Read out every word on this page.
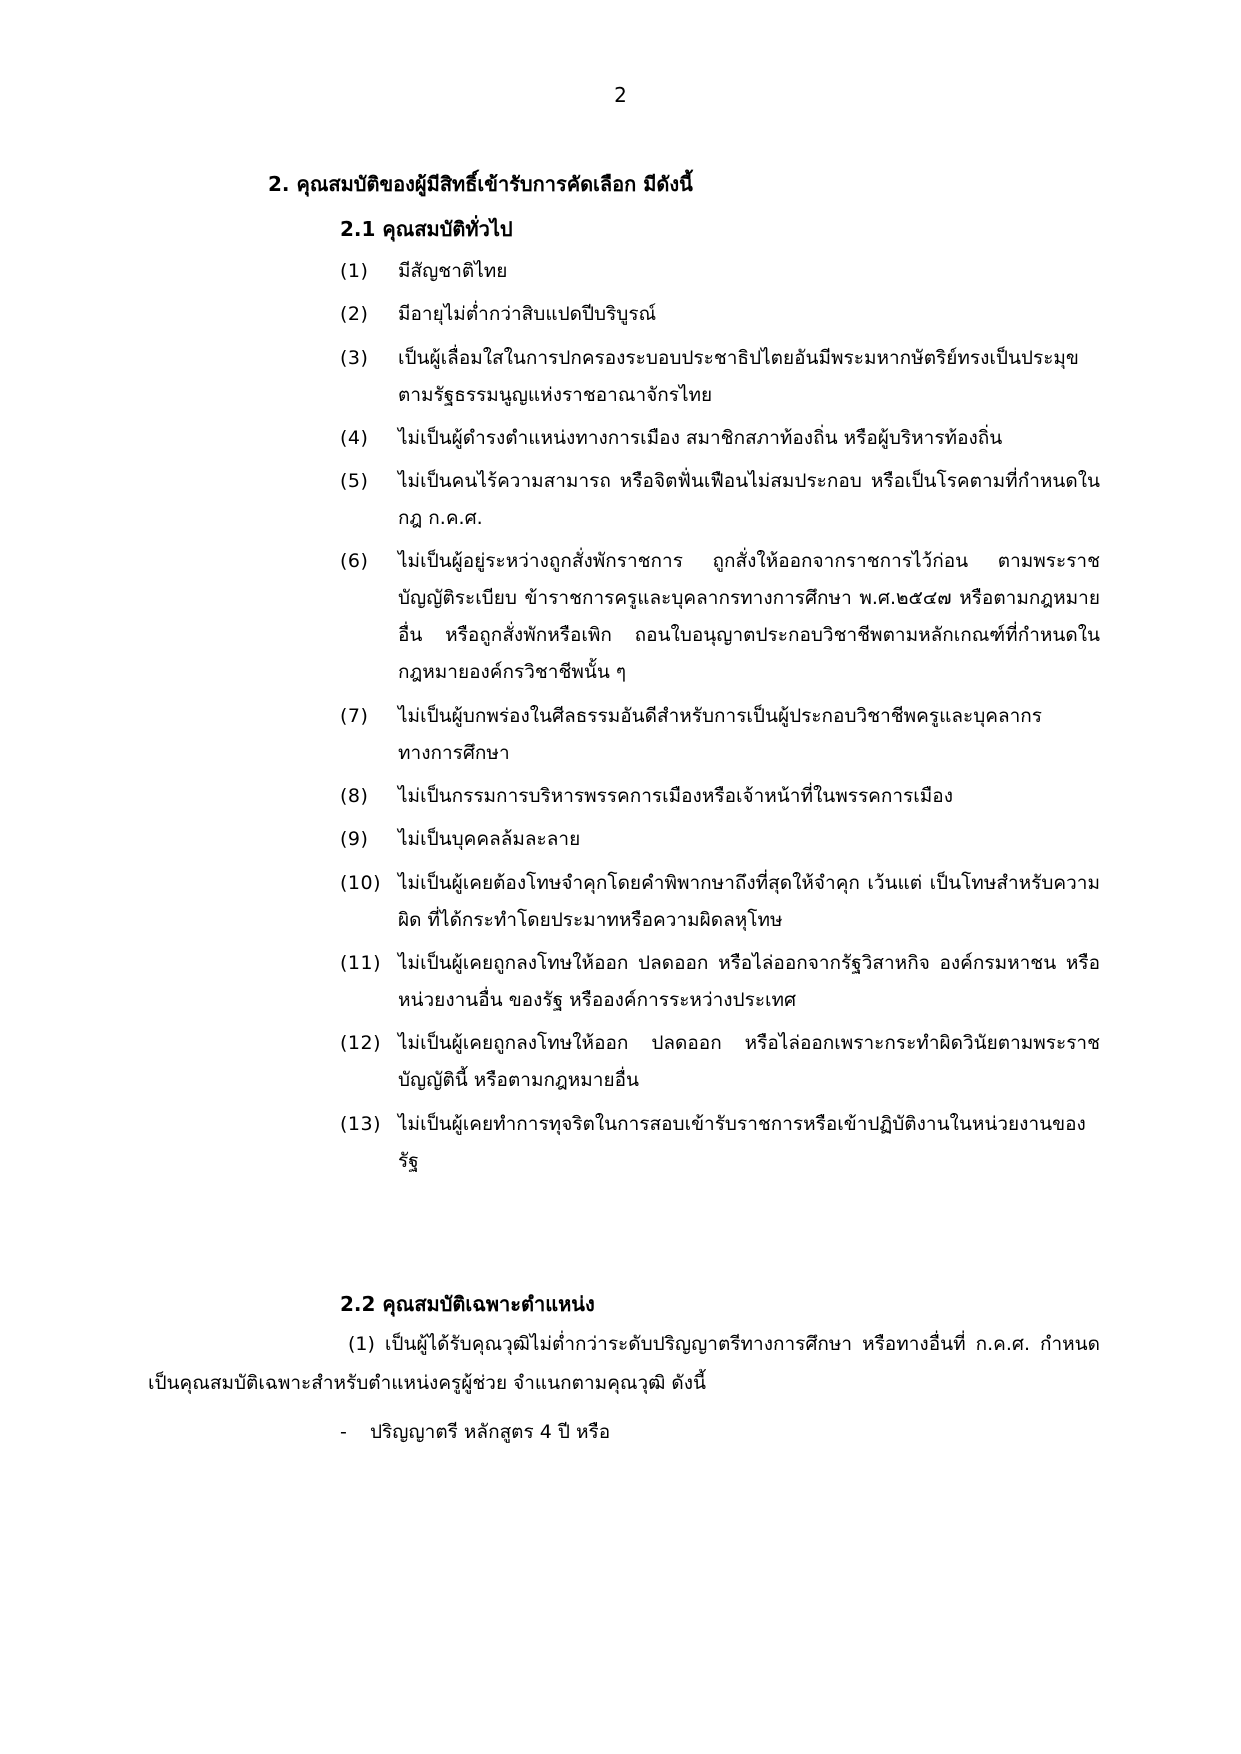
2
2. คุณสมบัติของผู้มีสิทธิ์เข้ารับการคัดเลือก มีดังนี้
2.1 คุณสมบัติทั่วไป
(1)	มีสัญชาติไทย
(2)	มีอายุไม่ต่ำกว่าสิบแปดปีบริบูรณ์
(3)	เป็นผู้เลื่อมใสในการปกครองระบอบประชาธิปไตยอันมีพระมหากษัตริย์ทรงเป็นประมุข ตามรัฐธรรมนูญแห่งราชอาณาจักรไทย
(4)	ไม่เป็นผู้ดำรงตำแหน่งทางการเมือง สมาชิกสภาท้องถิ่น หรือผู้บริหารท้องถิ่น
(5)	ไม่เป็นคนไร้ความสามารถ หรือจิตฟั่นเฟือนไม่สมประกอบ หรือเป็นโรคตามที่กำหนดใน กฎ ก.ค.ศ.
(6)	ไม่เป็นผู้อยู่ระหว่างถูกสั่งพักราชการ ถูกสั่งให้ออกจากราชการไว้ก่อน ตามพระราชบัญญัติระเบียบ ข้าราชการครูและบุคลากรทางการศึกษา พ.ศ.๒๕๔๗ หรือตามกฎหมายอื่น หรือถูกสั่งพักหรือเพิก ถอนใบอนุญาตประกอบวิชาชีพตามหลักเกณฑ์ที่กำหนดในกฎหมายองค์กรวิชาชีพนั้น ๆ
(7)	ไม่เป็นผู้บกพร่องในศีลธรรมอันดีสำหรับการเป็นผู้ประกอบวิชาชีพครูและบุคลากรทางการศึกษา
(8)	ไม่เป็นกรรมการบริหารพรรคการเมืองหรือเจ้าหน้าที่ในพรรคการเมือง
(9)	ไม่เป็นบุคคลล้มละลาย
(10) ไม่เป็นผู้เคยต้องโทษจำคุกโดยคำพิพากษาถึงที่สุดให้จำคุก เว้นแต่ เป็นโทษสำหรับความผิด ที่ได้กระทำโดยประมาทหรือความผิดลหุโทษ
(11) ไม่เป็นผู้เคยถูกลงโทษให้ออก ปลดออก หรือไล่ออกจากรัฐวิสาหกิจ องค์กรมหาชน หรือหน่วยงานอื่น ของรัฐ หรือองค์การระหว่างประเทศ
(12) ไม่เป็นผู้เคยถูกลงโทษให้ออก ปลดออก หรือไล่ออกเพราะกระทำผิดวินัยตามพระราชบัญญัตินี้ หรือตามกฎหมายอื่น
(13) ไม่เป็นผู้เคยทำการทุจริตในการสอบเข้ารับราชการหรือเข้าปฏิบัติงานในหน่วยงานของรัฐ
2.2 คุณสมบัติเฉพาะตำแหน่ง

(1) เป็นผู้ได้รับคุณวุฒิไม่ต่ำกว่าระดับปริญญาตรีทางการศึกษา หรือทางอื่นที่ ก.ค.ศ. กำหนด เป็นคุณสมบัติเฉพาะสำหรับตำแหน่งครูผู้ช่วย จำแนกตามคุณวุฒิ ดังนี้

- ปริญญาตรี หลักสูตร 4 ปี หรือ
